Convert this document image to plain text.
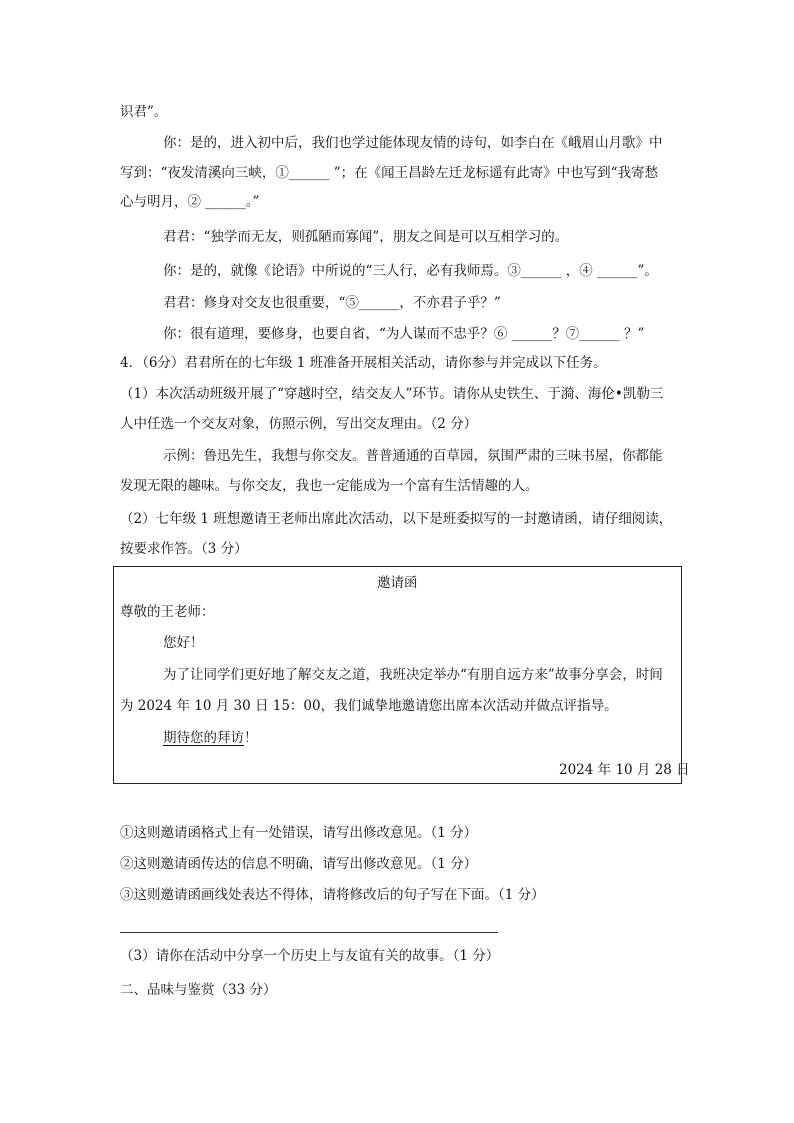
识君”。
你：是的，进入初中后，我们也学过能体现友情的诗句，如李白在《峨眉山月歌》中
写到：“夜发清溪向三峡，①______ ”；在《闻王昌龄左迁龙标遥有此寄》中也写到“我寄愁
心与明月，② ______。”
君君：“独学而无友，则孤陋而寡闻”，朋友之间是可以互相学习的。
你：是的，就像《论语》中所说的“三人行，必有我师焉。③______ ，④ ______”。
君君：修身对交友也很重要，“⑤______，不亦君子乎？”
你：很有道理，要修身，也要自省，“为人谋而不忠乎？⑥ ______？⑦______ ？”
4．（6分）君君所在的七年级 1 班准备开展相关活动，请你参与并完成以下任务。
（1）本次活动班级开展了“穿越时空，结交友人”环节。请你从史铁生、于漪、海伦•凯勒三
人中任选一个交友对象，仿照示例，写出交友理由。（2 分）
示例：鲁迅先生，我想与你交友。普普通通的百草园，氛围严肃的三味书屋，你都能
发现无限的趣味。与你交友，我也一定能成为一个富有生活情趣的人。
（2）七年级 1 班想邀请王老师出席此次活动，以下是班委拟写的一封邀请函，请仔细阅读，
按要求作答。（3 分）
邀请函
尊敬的王老师：
您好！
为了让同学们更好地了解交友之道，我班决定举办“有朋自远方来”故事分享会，时间
为 2024 年 10 月 30 日 15：00，我们诚挚地邀请您出席本次活动并做点评指导。
期待您的拜访！
2024 年 10 月 28 日
①这则邀请函格式上有一处错误，请写出修改意见。（1 分）
②这则邀请函传达的信息不明确，请写出修改意见。（1 分）
③这则邀请函画线处表达不得体，请将修改后的句子写在下面。（1 分）
（3）请你在活动中分享一个历史上与友谊有关的故事。（1 分）
二、品味与鉴赏（33 分）
